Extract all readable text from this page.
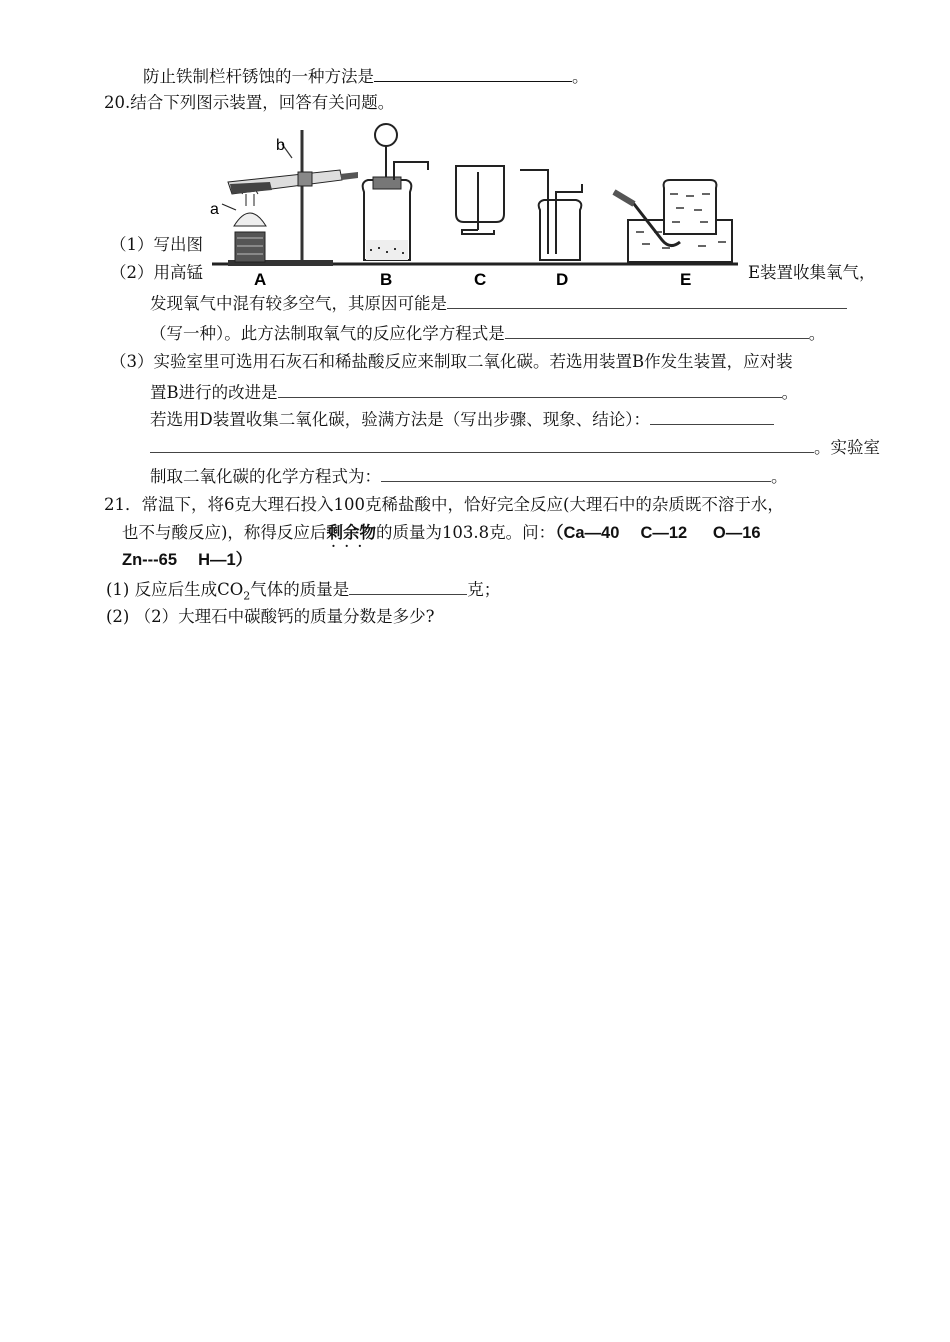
防止铁制栏杆锈蚀的一种方法是	。
20.结合下列图示装置，回答有关问题。
a
b
A	B	C	D	E
（1）写出图
（2）用高锰	E装置收集氧气，
发现氧气中混有较多空气，其原因可能是
（写一种）。此方法制取氧气的反应化学方程式是	。
（3）实验室里可选用石灰石和稀盐酸反应来制取二氧化碳。若选用装置B作发生装置，应对装
置B进行的改进是	。
若选用D装置收集二氧化碳，验满方法是（写出步骤、现象、结论）：
。实验室
制取二氧化碳的化学方程式为：	。
21．常温下，将6克大理石投入100克稀盐酸中，恰好完全反应(大理石中的杂质既不溶于水，
也不与酸反应)，称得反应后剩余物
···
的质量为103.8克。问：（Ca—40　 C—12 　 O—16
Zn---65 　H—1）
(1) 反应后生成$CO_2$气体的质量是	克；
(2) （2）大理石中碳酸钙的质量分数是多少?
